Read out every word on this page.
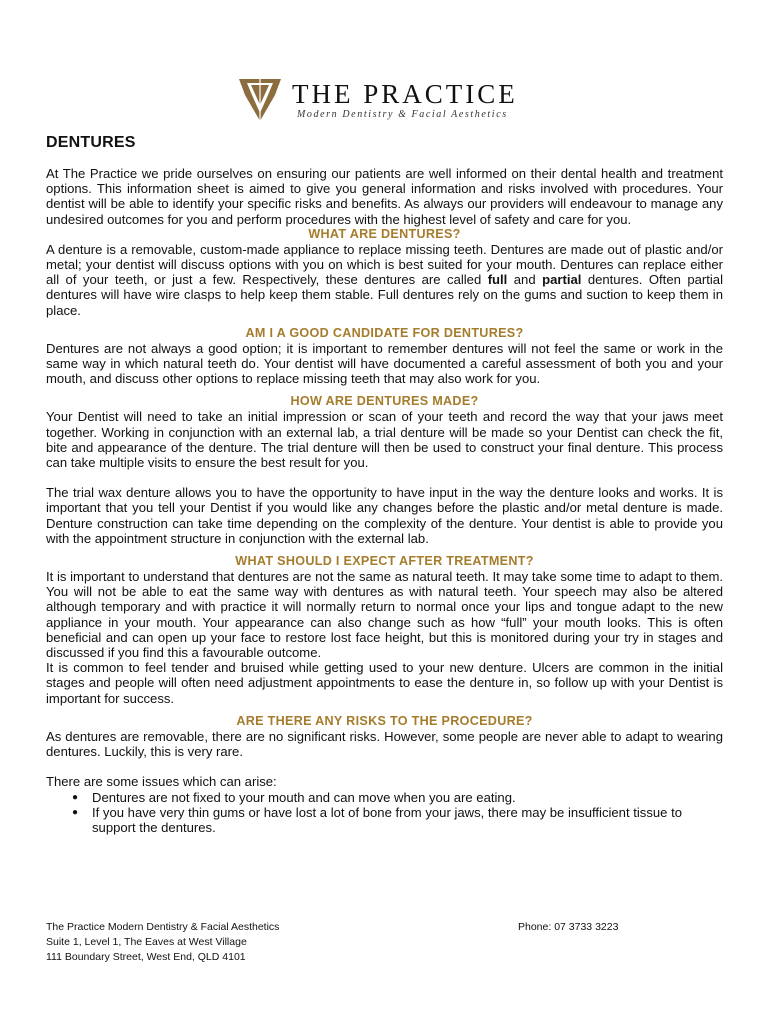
THE PRACTICE
Modern Dentistry & Facial Aesthetics
DENTURES

At The Practice we pride ourselves on ensuring our patients are well informed on their dental health and treatment options. This information sheet is aimed to give you general information and risks involved with procedures. Your dentist will be able to identify your specific risks and benefits. As always our providers will endeavour to manage any undesired outcomes for you and perform procedures with the highest level of safety and care for you.

WHAT ARE DENTURES?

A denture is a removable, custom-made appliance to replace missing teeth. Dentures are made out of plastic and/or metal; your dentist will discuss options with you on which is best suited for your mouth. Dentures can replace either all of your teeth, or just a few. Respectively, these dentures are called full and partial dentures. Often partial dentures will have wire clasps to help keep them stable. Full dentures rely on the gums and suction to keep them in place.

AM I A GOOD CANDIDATE FOR DENTURES?

Dentures are not always a good option; it is important to remember dentures will not feel the same or work in the same way in which natural teeth do. Your dentist will have documented a careful assessment of both you and your mouth, and discuss other options to replace missing teeth that may also work for you.

HOW ARE DENTURES MADE?

Your Dentist will need to take an initial impression or scan of your teeth and record the way that your jaws meet together. Working in conjunction with an external lab, a trial denture will be made so your Dentist can check the fit, bite and appearance of the denture. The trial denture will then be used to construct your final denture. This process can take multiple visits to ensure the best result for you.

The trial wax denture allows you to have the opportunity to have input in the way the denture looks and works. It is important that you tell your Dentist if you would like any changes before the plastic and/or metal denture is made. Denture construction can take time depending on the complexity of the denture. Your dentist is able to provide you with the appointment structure in conjunction with the external lab.

WHAT SHOULD I EXPECT AFTER TREATMENT?

It is important to understand that dentures are not the same as natural teeth. It may take some time to adapt to them. You will not be able to eat the same way with dentures as with natural teeth. Your speech may also be altered although temporary and with practice it will normally return to normal once your lips and tongue adapt to the new appliance in your mouth. Your appearance can also change such as how “full” your mouth looks. This is often beneficial and can open up your face to restore lost face height, but this is monitored during your try in stages and discussed if you find this a favourable outcome.

It is common to feel tender and bruised while getting used to your new denture. Ulcers are common in the initial stages and people will often need adjustment appointments to ease the denture in, so follow up with your Dentist is important for success.

ARE THERE ANY RISKS TO THE PROCEDURE?

As dentures are removable, there are no significant risks. However, some people are never able to adapt to wearing dentures. Luckily, this is very rare.

There are some issues which can arise:

● Dentures are not fixed to your mouth and can move when you are eating.
● If you have very thin gums or have lost a lot of bone from your jaws, there may be insufficient tissue to support the dentures.
The Practice Modern Dentistry & Facial Aesthetics
Suite 1, Level 1, The Eaves at West Village
111 Boundary Street, West End, QLD 4101
Phone: 07 3733 3223
